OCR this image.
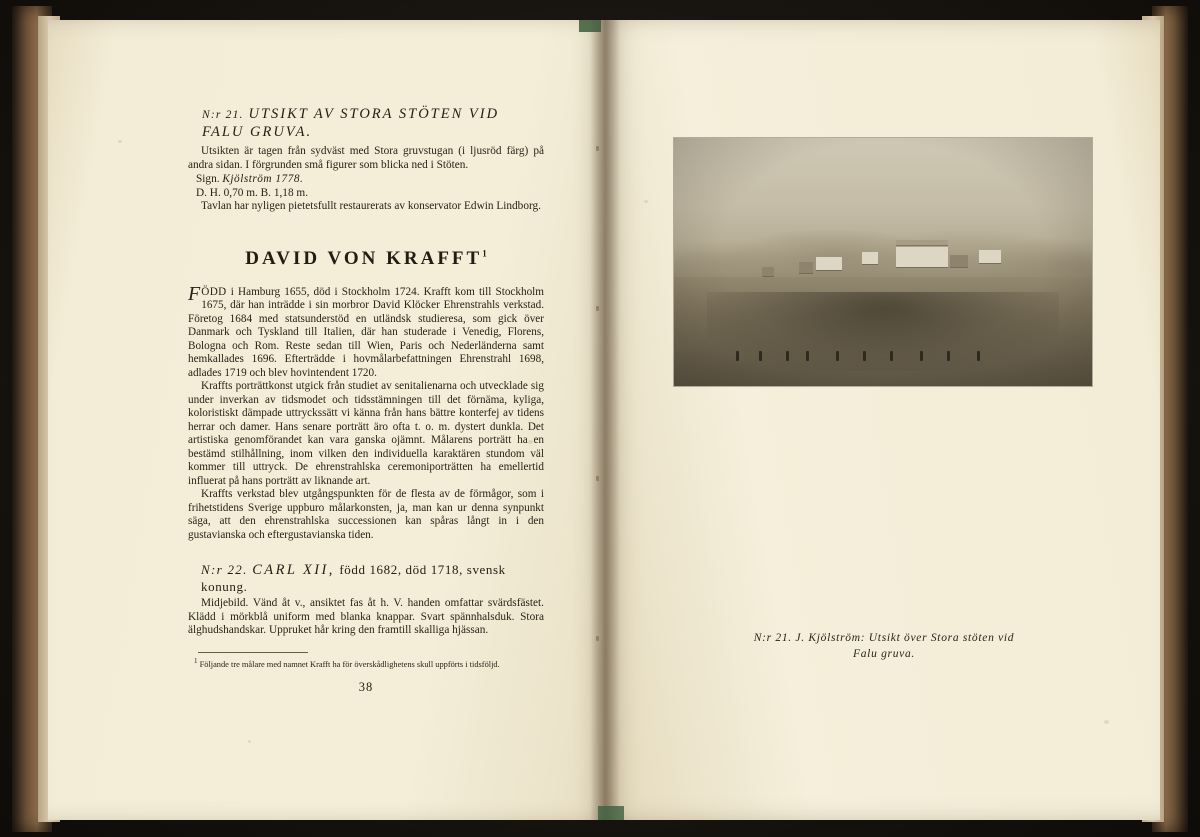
N:r 21. UTSIKT AV STORA STÖTEN VID FALU GRUVA.

Utsikten är tagen från sydväst med Stora gruvstugan (i ljusröd färg) på andra sidan. I förgrunden små figurer som blicka ned i Stöten.

Sign. Kjölström 1778.

D. H. 0,70 m. B. 1,18 m.

Tavlan har nyligen pietetsfullt restaurerats av konservator Edwin Lindborg.

DAVID VON KRAFFT$^1$

FÖDD i Hamburg 1655, död i Stockholm 1724. Krafft kom till Stockholm 1675, där han inträdde i sin morbror David Klöcker Ehrenstrahls verkstad. Företog 1684 med statsunderstöd en utländsk studieresa, som gick över Danmark och Tyskland till Italien, där han studerade i Venedig, Florens, Bologna och Rom. Reste sedan till Wien, Paris och Nederländerna samt hemkallades 1696. Efterträdde i hovmålarbefattningen Ehrenstrahl 1698, adlades 1719 och blev hovintendent 1720.

Kraffts porträttkonst utgick från studiet av senitalienarna och utvecklade sig under inverkan av tidsmodet och tidsstämningen till det förnäma, kyliga, koloristiskt dämpade uttryckssätt vi känna från hans bättre konterfej av tidens herrar och damer. Hans senare porträtt äro ofta t. o. m. dystert dunkla. Det artistiska genomförandet kan vara ganska ojämnt. Målarens porträtt ha en bestämd stilhållning, inom vilken den individuella karaktären stundom väl kommer till uttryck. De ehrenstrahlska ceremoniporträtten ha emellertid influerat på hans porträtt av liknande art.

Kraffts verkstad blev utgångspunkten för de flesta av de förmågor, som i frihetstidens Sverige uppburo målarkonsten, ja, man kan ur denna synpunkt säga, att den ehrenstrahlska successionen kan spåras långt in i den gustavianska och eftergustavianska tiden.

N:r 22. CARL XII, född 1682, död 1718, svensk konung.

Midjebild. Vänd åt v., ansiktet fas åt h. V. handen omfattar svärdsfästet. Klädd i mörkblå uniform med blanka knappar. Svart spännhalsduk. Stora älghudshandskar. Uppruket hår kring den framtill skalliga hjässan.

$^1$ Följande tre målare med namnet Krafft ha för överskådlighetens skull uppförts i tidsföljd.
38
N:r 21. J. Kjölström: Utsikt över Stora stöten vid
Falu gruva.
